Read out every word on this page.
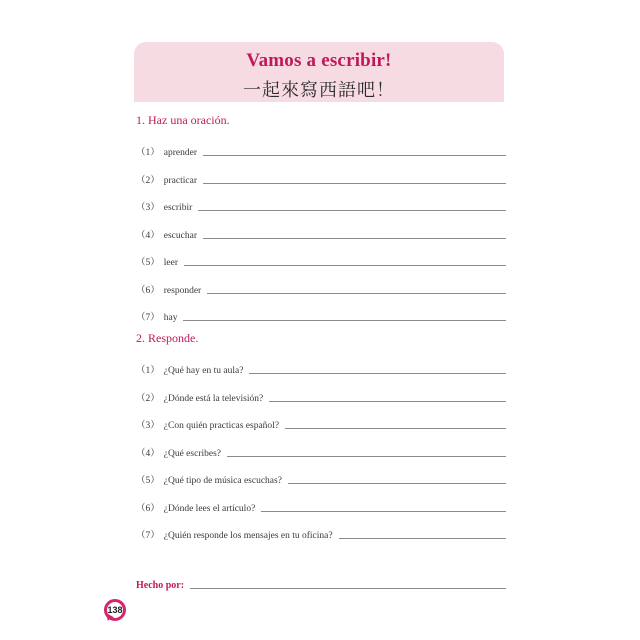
Vamos a escribir!
一起來寫西語吧！
1. Haz una oración.
（1） aprender
（2） practicar
（3） escribir
（4） escuchar
（5） leer
（6） responder
（7） hay
2. Responde.
（1） ¿Qué hay en tu aula?
（2） ¿Dónde está la televisión?
（3） ¿Con quién practicas español?
（4） ¿Qué escribes?
（5） ¿Qué tipo de música escuchas?
（6） ¿Dónde lees el artículo?
（7） ¿Quién responde los mensajes en tu oficina?
Hecho por:
138
